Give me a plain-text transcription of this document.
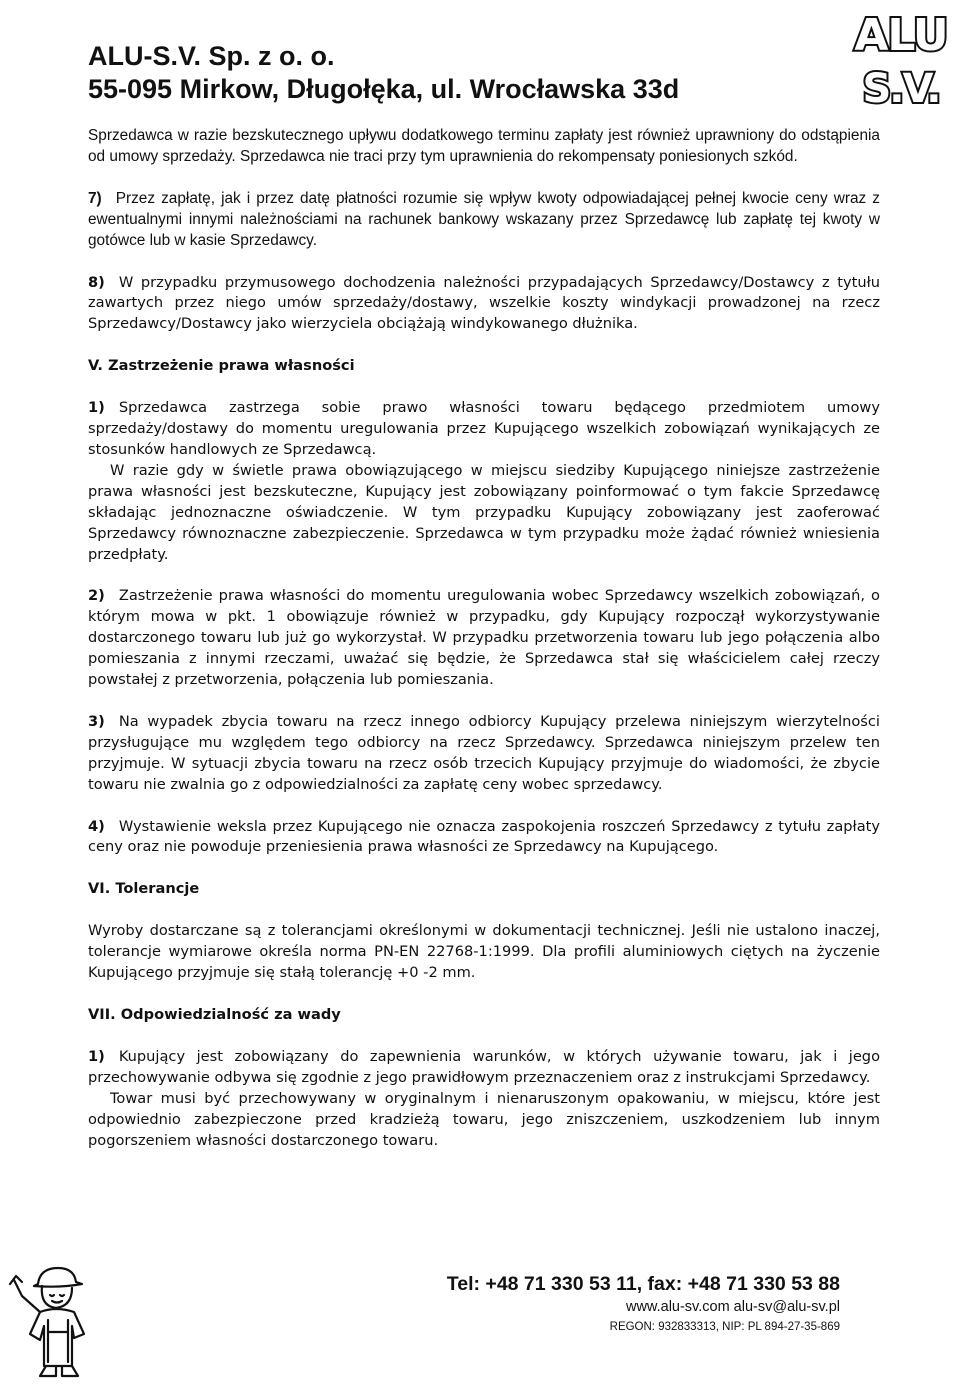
ALU-S.V. Sp. z o. o.
55-095 Mirkow, Długołęka, ul. Wrocławska 33d
ALU
S.V.

Sprzedawca w razie bezskutecznego upływu dodatkowego terminu zapłaty jest również uprawniony do odstąpienia od umowy sprzedaży. Sprzedawca nie traci przy tym uprawnienia do rekompensaty poniesionych szkód.

7) Przez zapłatę, jak i przez datę płatności rozumie się wpływ kwoty odpowiadającej pełnej kwocie ceny wraz z ewentualnymi innymi należnościami na rachunek bankowy wskazany przez Sprzedawcę lub zapłatę tej kwoty w gotówce lub w kasie Sprzedawcy.

8) W przypadku przymusowego dochodzenia należności przypadających Sprzedawcy/Dostawcy z tytułu zawartych przez niego umów sprzedaży/dostawy, wszelkie koszty windykacji prowadzonej na rzecz Sprzedawcy/Dostawcy jako wierzyciela obciążają windykowanego dłużnika.

V. Zastrzeżenie prawa własności

1) Sprzedawca zastrzega sobie prawo własności towaru będącego przedmiotem umowy sprzedaży/dostawy do momentu uregulowania przez Kupującego wszelkich zobowiązań wynikających ze stosunków handlowych ze Sprzedawcą.

W razie gdy w świetle prawa obowiązującego w miejscu siedziby Kupującego niniejsze zastrzeżenie prawa własności jest bezskuteczne, Kupujący jest zobowiązany poinformować o tym fakcie Sprzedawcę składając jednoznaczne oświadczenie. W tym przypadku Kupujący zobowiązany jest zaoferować Sprzedawcy równoznaczne zabezpieczenie. Sprzedawca w tym przypadku może żądać również wniesienia przedpłaty.

2) Zastrzeżenie prawa własności do momentu uregulowania wobec Sprzedawcy wszelkich zobowiązań, o którym mowa w pkt. 1 obowiązuje również w przypadku, gdy Kupujący rozpoczął wykorzystywanie dostarczonego towaru lub już go wykorzystał. W przypadku przetworzenia towaru lub jego połączenia albo pomieszania z innymi rzeczami, uważać się będzie, że Sprzedawca stał się właścicielem całej rzeczy powstałej z przetworzenia, połączenia lub pomieszania.

3) Na wypadek zbycia towaru na rzecz innego odbiorcy Kupujący przelewa niniejszym wierzytelności przysługujące mu względem tego odbiorcy na rzecz Sprzedawcy. Sprzedawca niniejszym przelew ten przyjmuje. W sytuacji zbycia towaru na rzecz osób trzecich Kupujący przyjmuje do wiadomości, że zbycie towaru nie zwalnia go z odpowiedzialności za zapłatę ceny wobec sprzedawcy.

4) Wystawienie weksla przez Kupującego nie oznacza zaspokojenia roszczeń Sprzedawcy z tytułu zapłaty ceny oraz nie powoduje przeniesienia prawa własności ze Sprzedawcy na Kupującego.

VI. Tolerancje

Wyroby dostarczane są z tolerancjami określonymi w dokumentacji technicznej. Jeśli nie ustalono inaczej, tolerancje wymiarowe określa norma PN-EN 22768-1:1999. Dla profili aluminiowych ciętych na życzenie Kupującego przyjmuje się stałą tolerancję +0 -2 mm.

VII. Odpowiedzialność za wady

1) Kupujący jest zobowiązany do zapewnienia warunków, w których używanie towaru, jak i jego przechowywanie odbywa się zgodnie z jego prawidłowym przeznaczeniem oraz z instrukcjami Sprzedawcy.

Towar musi być przechowywany w oryginalnym i nienaruszonym opakowaniu, w miejscu, które jest odpowiednio zabezpieczone przed kradzieżą towaru, jego zniszczeniem, uszkodzeniem lub innym pogorszeniem własności dostarczonego towaru.

Tel: +48 71 330 53 11, fax: +48 71 330 53 88
www.alu-sv.com alu-sv@alu-sv.pl
REGON: 932833313, NIP: PL 894-27-35-869
